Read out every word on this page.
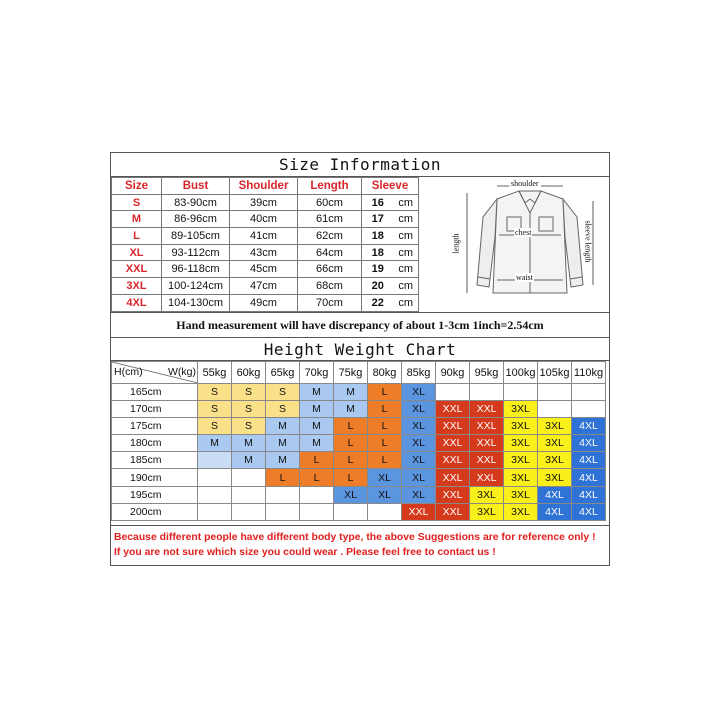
Size Information
Size	Bust	Shoulder	Length	Sleeve	
S	83-90cm	39cm	60cm	16	cm
M	86-96cm	40cm	61cm	17	cm
L	89-105cm	41cm	62cm	18	cm
XL	93-112cm	43cm	64cm	18	cm
XXL	96-118cm	45cm	66cm	19	cm
3XL	100-124cm	47cm	68cm	20	cm
4XL	104-130cm	49cm	70cm	22	cm
shoulder
chest
waist
length	sleeve length
Hand measurement will have discrepancy of about 1-3cm 1inch=2.54cm
Height Weight Chart
H(cm) W(kg)	55kg	60kg	65kg	70kg	75kg	80kg	85kg	90kg	95kg	100kg	105kg	110kg
165cm	S	S	S	M	M	L	XL					
170cm	S	S	S	M	M	L	XL	XXL	XXL	3XL		
175cm	S	S	M	M	L	L	XL	XXL	XXL	3XL	3XL	4XL
180cm	M	M	M	M	L	L	XL	XXL	XXL	3XL	3XL	4XL
185cm		M	M	L	L	L	XL	XXL	XXL	3XL	3XL	4XL
190cm			L	L	L	XL	XL	XXL	XXL	3XL	3XL	4XL
195cm					XL	XL	XL	XXL	3XL	3XL	4XL	4XL
200cm							XXL	XXL	3XL	3XL	4XL	4XL
Because different people have different body type, the above Suggestions are for reference only !
If you are not sure which size you could wear . Please feel free to contact us !
